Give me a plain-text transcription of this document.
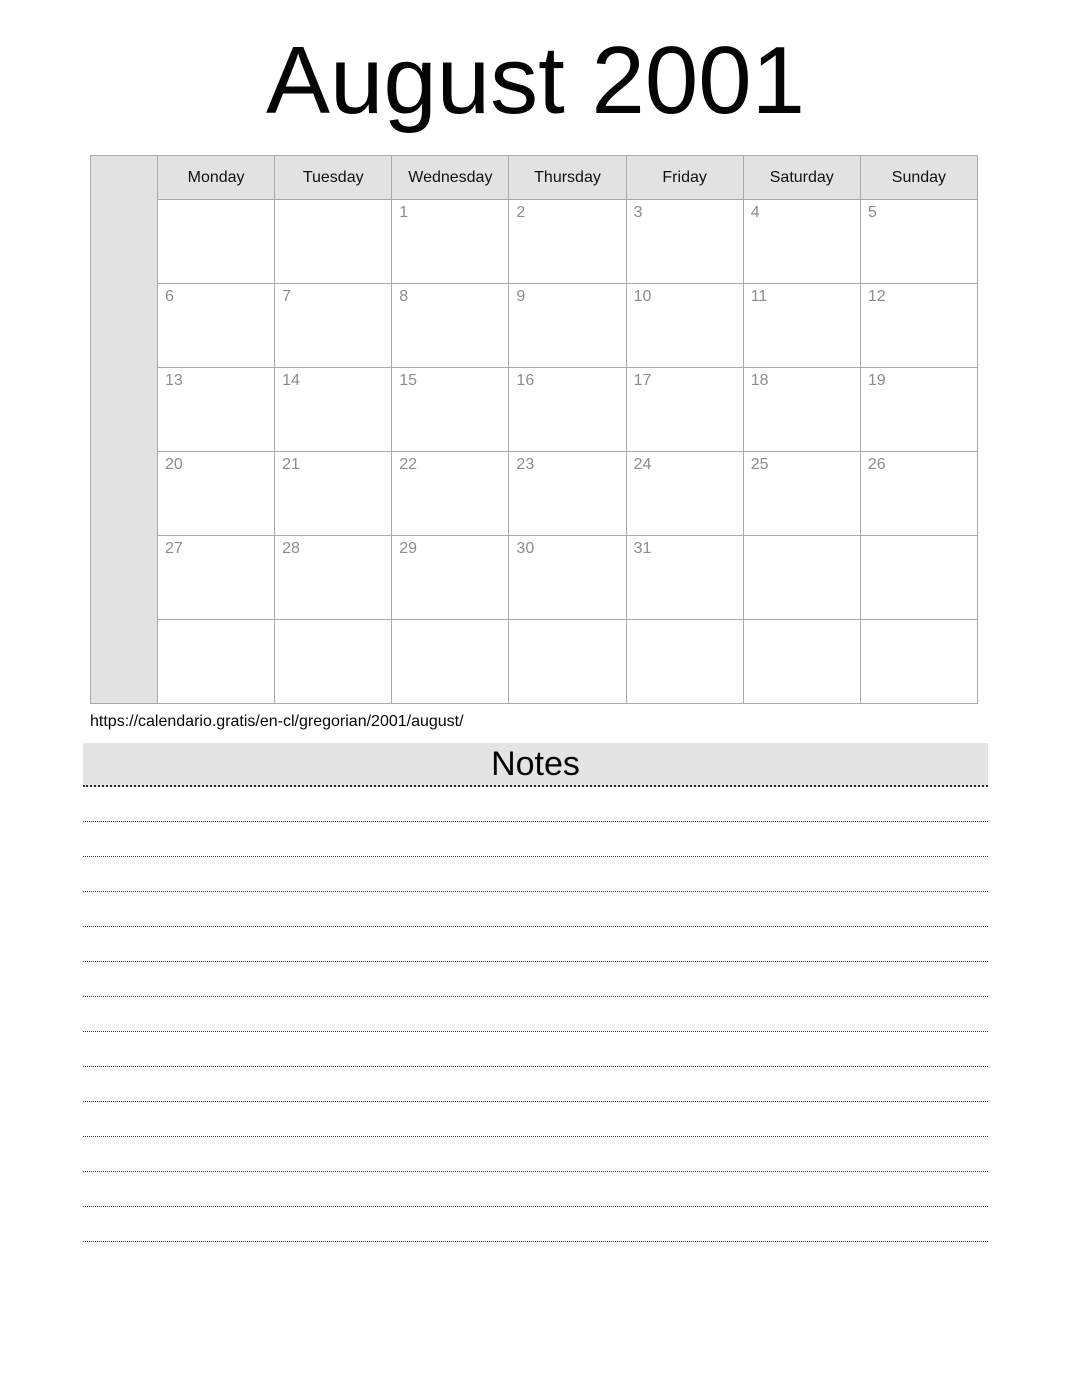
August 2001
	Monday	Tuesday	Wednesday	Thursday	Friday	Saturday	Sunday
			1	2	3	4	5
	6	7	8	9	10	11	12
	13	14	15	16	17	18	19
	20	21	22	23	24	25	26
	27	28	29	30	31		

https://calendario.gratis/en-cl/gregorian/2001/august/
Notes
